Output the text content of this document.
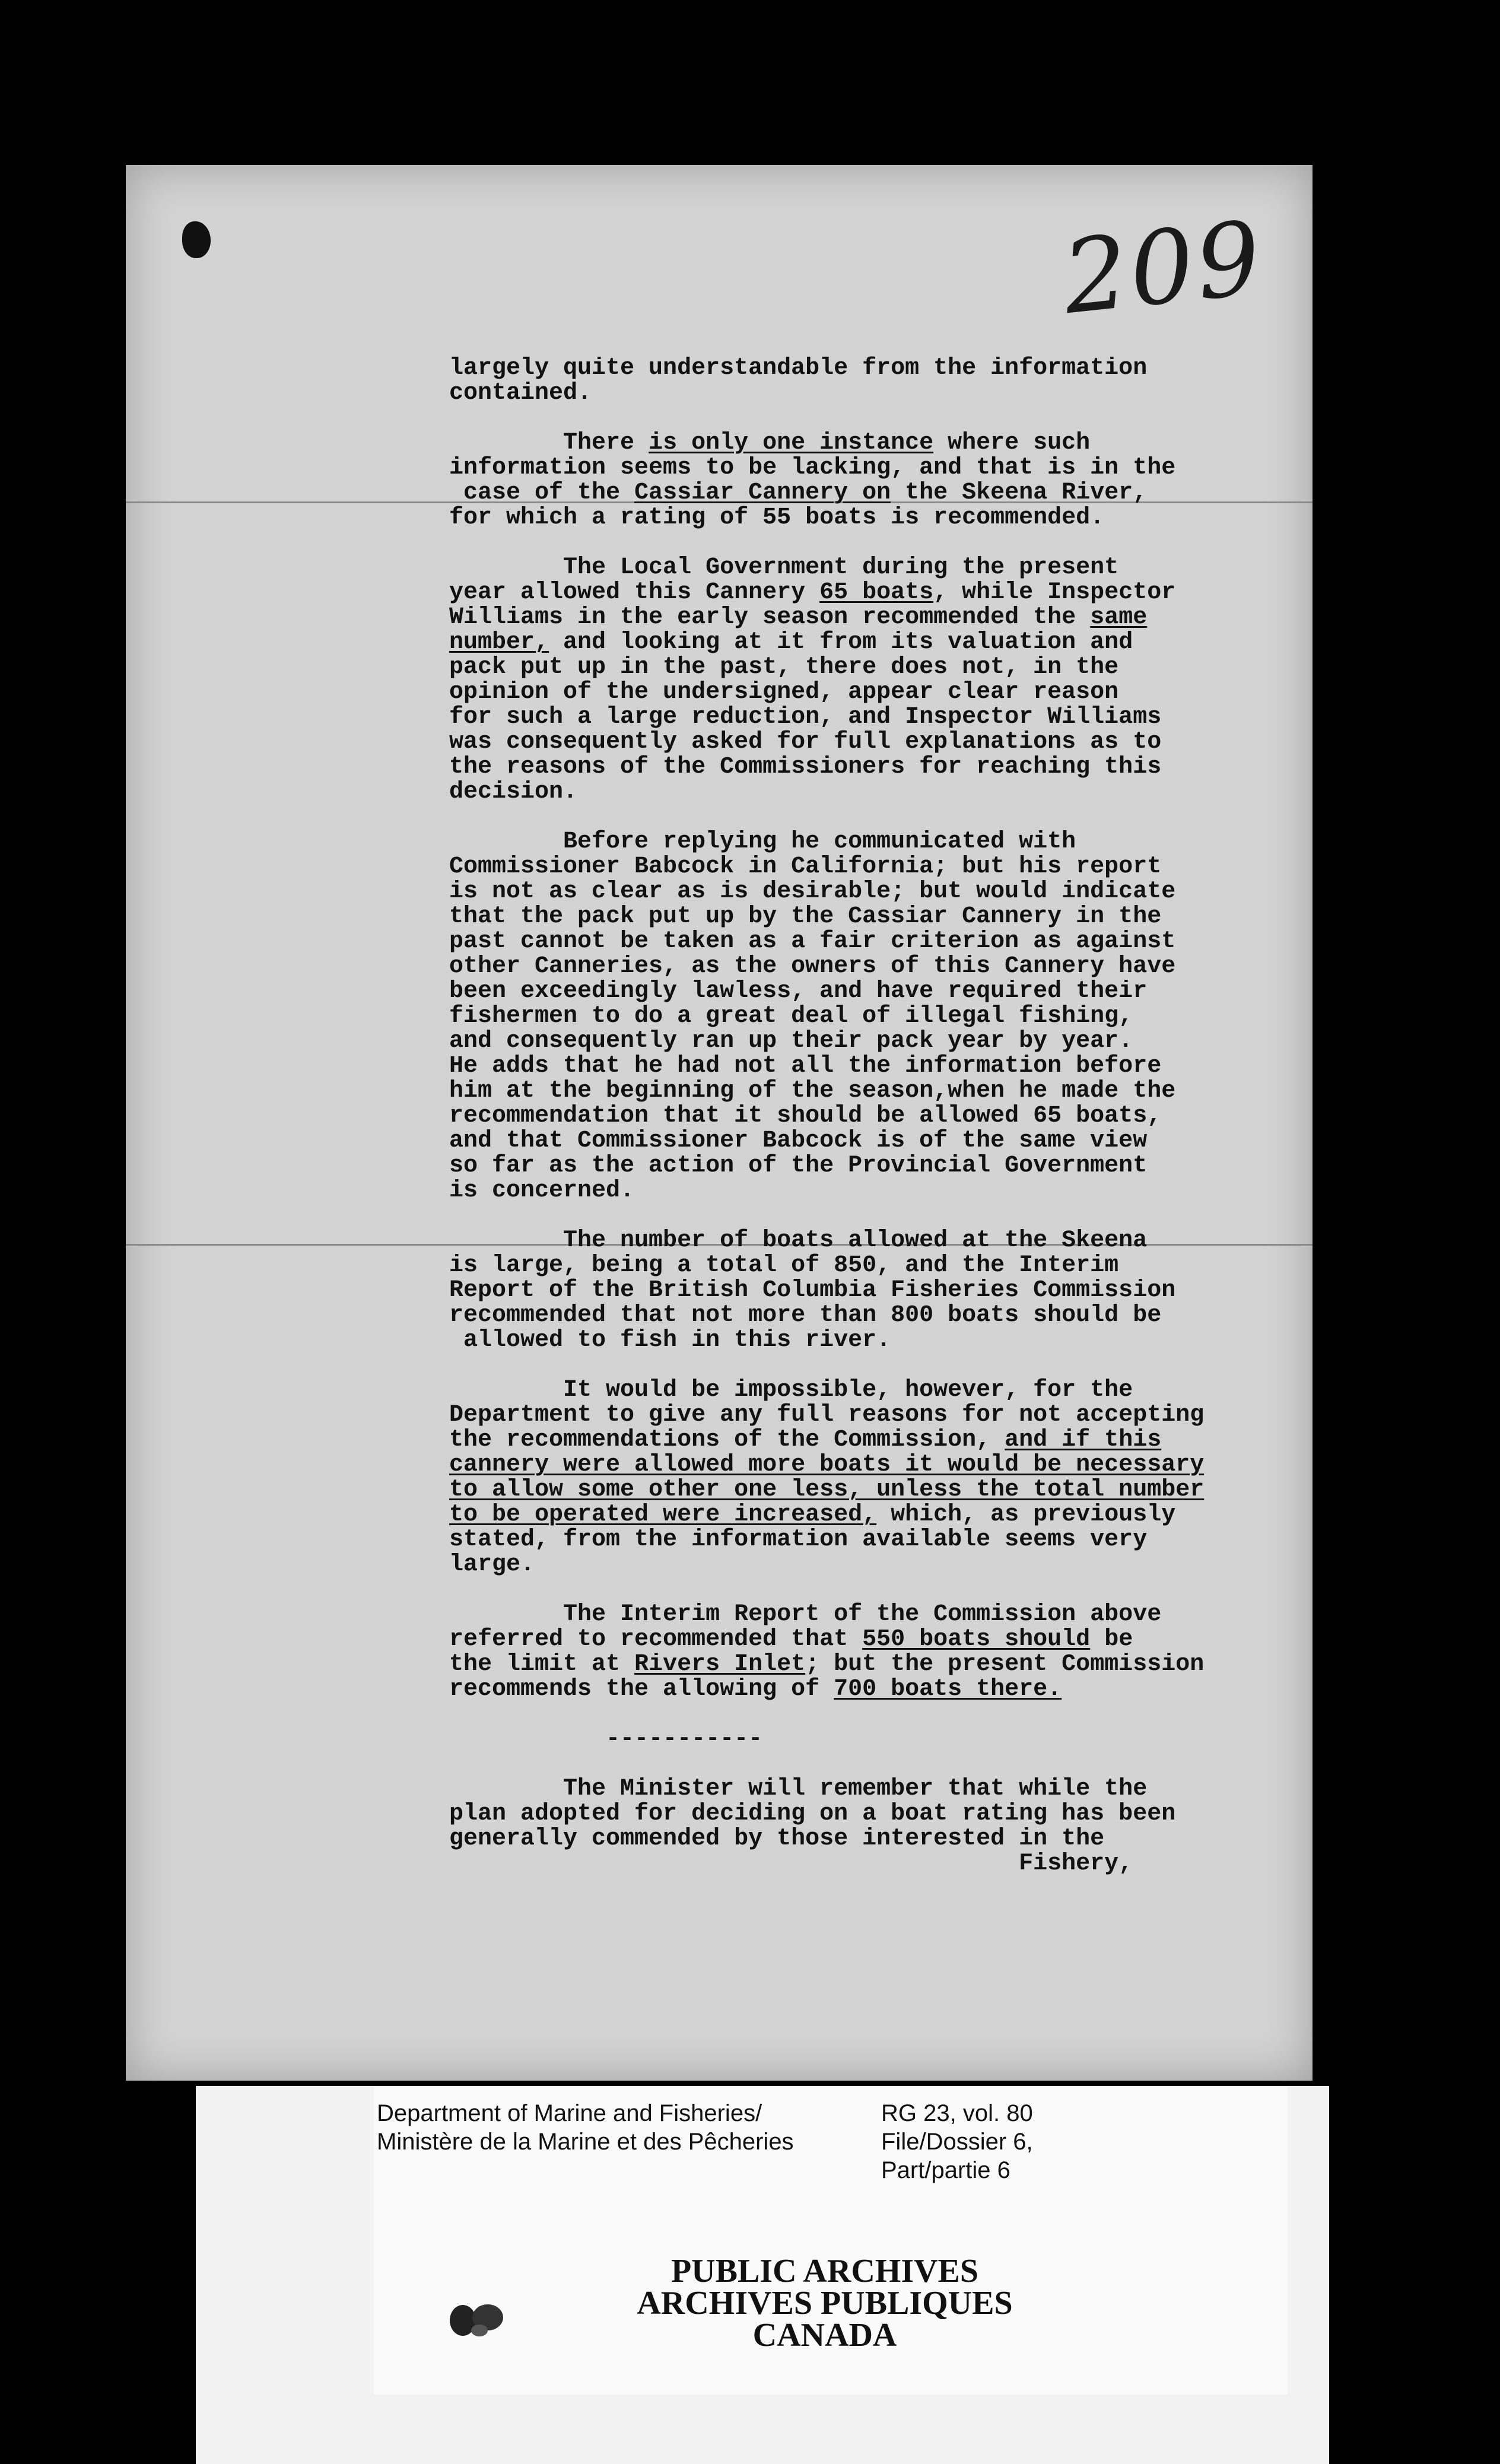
209
largely quite understandable from the information
contained.
There is only one instance where such
information seems to be lacking, and that is in the
case of the Cassiar Cannery on the Skeena River,
for which a rating of 55 boats is recommended.
The Local Government during the present
year allowed this Cannery 65 boats, while Inspector
Williams in the early season recommended the same
number, and looking at it from its valuation and
pack put up in the past, there does not, in the
opinion of the undersigned, appear clear reason
for such a large reduction, and Inspector Williams
was consequently asked for full explanations as to
the reasons of the Commissioners for reaching this
decision.
Before replying he communicated with
Commissioner Babcock in California; but his report
is not as clear as is desirable; but would indicate
that the pack put up by the Cassiar Cannery in the
past cannot be taken as a fair criterion as against
other Canneries, as the owners of this Cannery have
been exceedingly lawless, and have required their
fishermen to do a great deal of illegal fishing,
and consequently ran up their pack year by year.
He adds that he had not all the information before
him at the beginning of the season,when he made the
recommendation that it should be allowed 65 boats,
and that Commissioner Babcock is of the same view
so far as the action of the Provincial Government
is concerned.
The number of boats allowed at the Skeena
is large, being a total of 850, and the Interim
Report of the British Columbia Fisheries Commission
recommended that not more than 800 boats should be
allowed to fish in this river.
It would be impossible, however, for the
Department to give any full reasons for not accepting
the recommendations of the Commission, and if this
cannery were allowed more boats it would be necessary
to allow some other one less, unless the total number
to be operated were increased, which, as previously
stated, from the information available seems very
large.
The Interim Report of the Commission above
referred to recommended that 550 boats should be
the limit at Rivers Inlet; but the present Commission
recommends the allowing of 700 boats there.
-----------
The Minister will remember that while the
plan adopted for deciding on a boat rating has been
generally commended by those interested in the
Fishery,
Department of Marine and Fisheries/
Ministère de la Marine et des Pêcheries
RG 23, vol. 80
File/Dossier 6,
Part/partie 6
PUBLIC ARCHIVES
ARCHIVES PUBLIQUES
CANADA
